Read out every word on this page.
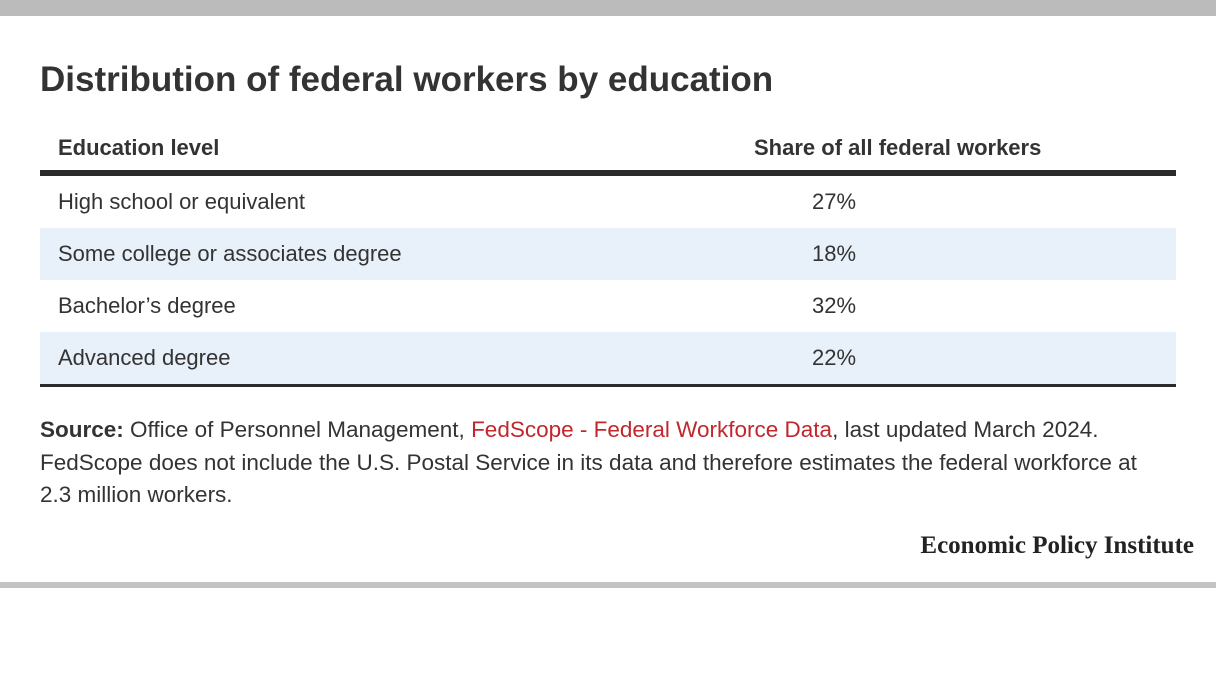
Distribution of federal workers by education
Education level	Share of all federal workers
High school or equivalent	27%
Some college or associates degree	18%
Bachelor’s degree	32%
Advanced degree	22%

Source: Office of Personnel Management, FedScope - Federal Workforce Data, last updated March 2024. FedScope does not include the U.S. Postal Service in its data and therefore estimates the federal workforce at 2.3 million workers.

Economic Policy Institute
